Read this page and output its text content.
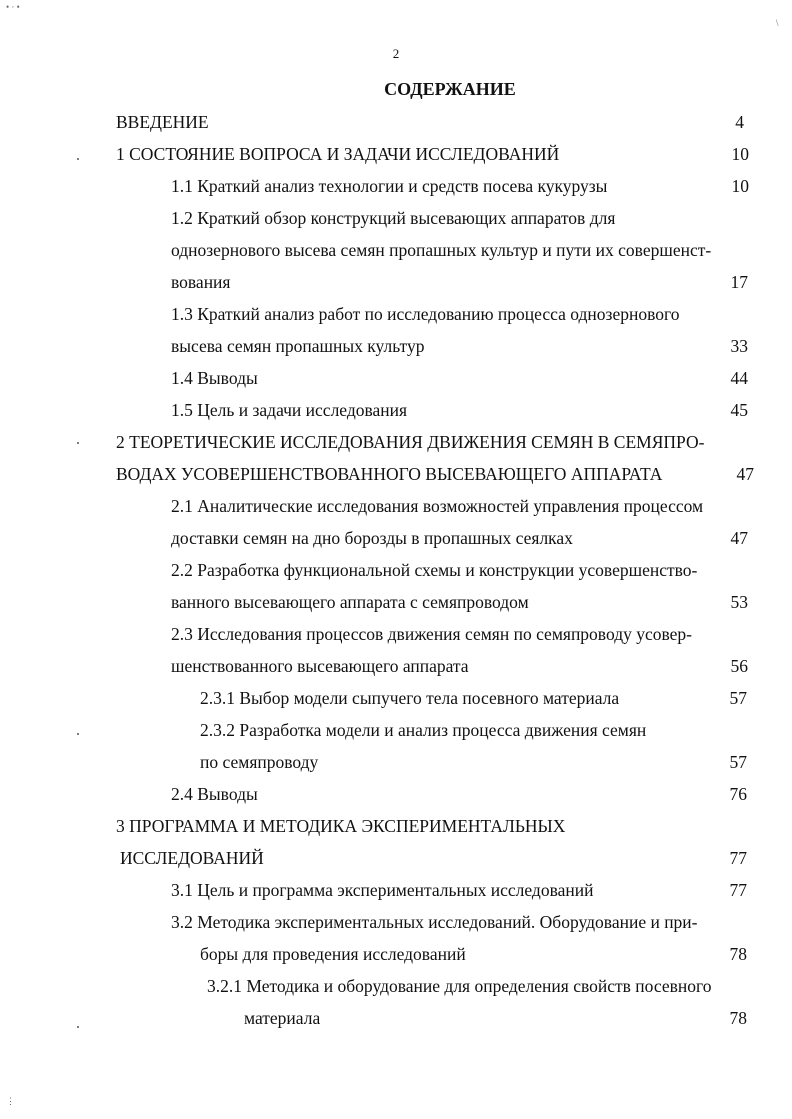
• · •
\
⋮
2
СОДЕРЖАНИЕ
ВВЕДЕНИЕ	4
1 СОСТОЯНИЕ ВОПРОСА И ЗАДАЧИ ИССЛЕДОВАНИЙ	10
1.1 Краткий анализ технологии и средств посева кукурузы	10
1.2 Краткий обзор конструкций высевающих аппаратов для
однозернового высева семян пропашных культур и пути их совершенст-
вования	17
1.3 Краткий анализ работ по исследованию процесса однозернового
высева семян пропашных культур	33
1.4 Выводы	44
1.5 Цель и задачи исследования	45
2 ТЕОРЕТИЧЕСКИЕ ИССЛЕДОВАНИЯ ДВИЖЕНИЯ СЕМЯН В СЕМЯПРО-
ВОДАХ УСОВЕРШЕНСТВОВАННОГО ВЫСЕВАЮЩЕГО АППАРАТА	47
2.1 Аналитические исследования возможностей управления процессом
доставки семян на дно борозды в пропашных сеялках	47
2.2 Разработка функциональной схемы и конструкции усовершенство-
ванного высевающего аппарата с семяпроводом	53
2.3 Исследования процессов движения семян по семяпроводу усовер-
шенствованного высевающего аппарата	56
2.3.1 Выбор модели сыпучего тела посевного материала	57
2.3.2 Разработка модели и анализ процесса движения семян
по семяпроводу	57
2.4 Выводы	76
3 ПРОГРАММА И МЕТОДИКА ЭКСПЕРИМЕНТАЛЬНЫХ
ИССЛЕДОВАНИЙ	77
3.1 Цель и программа экспериментальных исследований	77
3.2 Методика экспериментальных исследований. Оборудование и при-
боры для проведения исследований	78
3.2.1 Методика и оборудование для определения свойств посевного
материала	78
